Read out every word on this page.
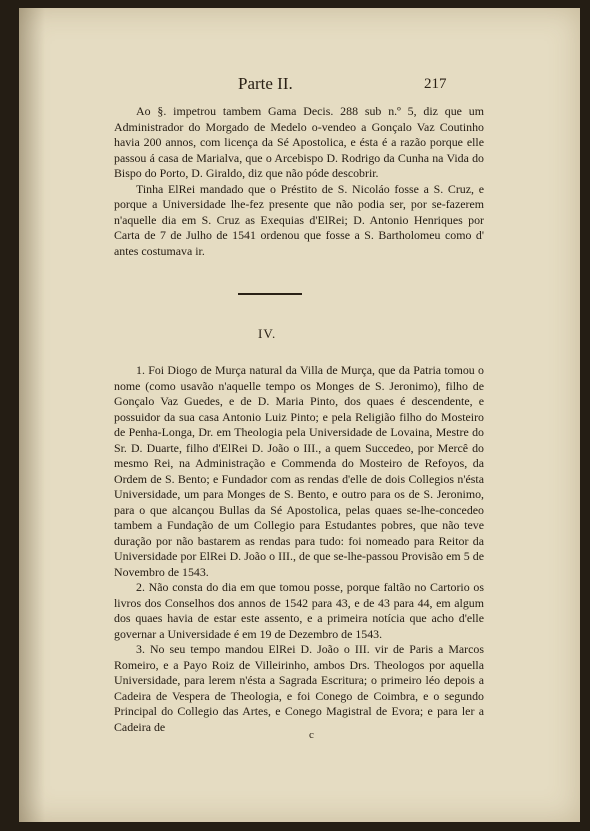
Parte II.	217

Ao §. impetrou tambem Gama Decis. 288 sub n.º 5, diz que um Administrador do Morgado de Medelo o-vendeo a Gonçalo Vaz Coutinho havia 200 annos, com licença da Sé Apostolica, e ésta é a razão porque elle passou á casa de Marialva, que o Arcebispo D. Rodrigo da Cunha na Vida do Bispo do Porto, D. Giraldo, diz que não póde descobrir.

Tinha ElRei mandado que o Préstito de S. Nicoláo fosse a S. Cruz, e porque a Universidade lhe-fez presente que não podia ser, por se-fazerem n'aquelle dia em S. Cruz as Exequias d'ElRei; D. Antonio Henriques por Carta de 7 de Julho de 1541 ordenou que fosse a S. Bartholomeu como d' antes costumava ir.

IV.

1. Foi Diogo de Murça natural da Villa de Murça, que da Patria tomou o nome (como usavão n'aquelle tempo os Monges de S. Jeronimo), filho de Gonçalo Vaz Guedes, e de D. Maria Pinto, dos quaes é descendente, e possuidor da sua casa Antonio Luiz Pinto; e pela Religião filho do Mosteiro de Penha-Longa, Dr. em Theologia pela Universidade de Lovaina, Mestre do Sr. D. Duarte, filho d'ElRei D. João o III., a quem Succedeo, por Mercê do mesmo Rei, na Administração e Commenda do Mosteiro de Refoyos, da Ordem de S. Bento; e Fundador com as rendas d'elle de dois Collegios n'ésta Universidade, um para Monges de S. Bento, e outro para os de S. Jeronimo, para o que alcançou Bullas da Sé Apostolica, pelas quaes se-lhe-concedeo tambem a Fundação de um Collegio para Estudantes pobres, que não teve duração por não bastarem as rendas para tudo: foi nomeado para Reitor da Universidade por ElRei D. João o III., de que se-lhe-passou Provisão em 5 de Novembro de 1543.

2. Não consta do dia em que tomou posse, porque faltão no Cartorio os livros dos Conselhos dos annos de 1542 para 43, e de 43 para 44, em algum dos quaes havia de estar este assento, e a primeira notícia que acho d'elle governar a Universidade é em 19 de Dezembro de 1543.

3. No seu tempo mandou ElRei D. João o III. vir de Paris a Marcos Romeiro, e a Payo Roiz de Villeirinho, ambos Drs. Theologos por aquella Universidade, para lerem n'ésta a Sagrada Escritura; o primeiro léo depois a Cadeira de Vespera de Theologia, e foi Conego de Coimbra, e o segundo Principal do Collegio das Artes, e Conego Magistral de Evora; e para ler a Cadeira de

c
